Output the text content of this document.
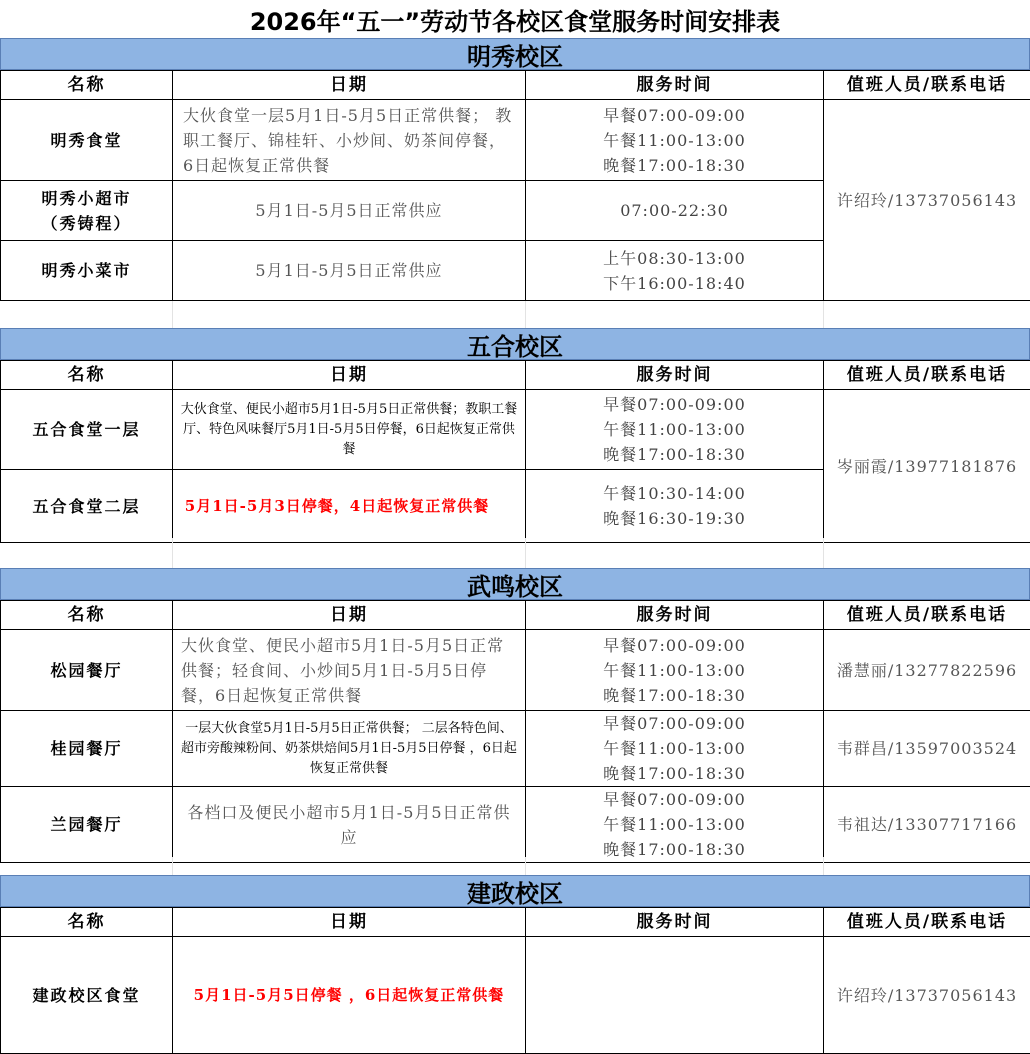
2026年“五一”劳动节各校区食堂服务时间安排表
明秀校区
名称	日期	服务时间	值班人员/联系电话
明秀食堂	大伙食堂一层5月1日-5月5日正常供餐； 教职工餐厅、锦桂轩、小炒间、奶茶间停餐， 6日起恢复正常供餐	早餐07:00-09:00
午餐11:00-13:00
晚餐17:00-18:30	许绍玲/13737056143
明秀小超市（秀铸程）	5月1日-5月5日正常供应	07:00-22:30	

明秀小菜市	5月1日-5月5日正常供应	上午08:30-13:00
下午16:00-18:40	

五合校区
名称	日期	服务时间	值班人员/联系电话
五合食堂一层	大伙食堂、便民小超市5月1日-5月5日正常供餐；教职工餐厅、特色风味餐厅5月1日-5月5日停餐，6日起恢复正常供餐	早餐07:00-09:00
午餐11:00-13:00
晚餐17:00-18:30	岑丽霞/13977181876
五合食堂二层	5月1日-5月3日停餐，4日起恢复正常供餐	午餐10:30-14:00
晚餐16:30-19:30	

武鸣校区
名称	日期	服务时间	值班人员/联系电话
松园餐厅	大伙食堂、便民小超市5月1日-5月5日正常供餐；轻食间、小炒间5月1日-5月5日停餐，6日起恢复正常供餐	早餐07:00-09:00
午餐11:00-13:00
晚餐17:00-18:30	潘慧丽/13277822596
桂园餐厅	一层大伙食堂5月1日-5月5日正常供餐； 二层各特色间、超市旁酸辣粉间、奶茶烘焙间5月1日-5月5日停餐 ，6日起恢复正常供餐	早餐07:00-09:00
午餐11:00-13:00
晚餐17:00-18:30	韦群昌/13597003524
兰园餐厅	各档口及便民小超市5月1日-5月5日正常供应	早餐07:00-09:00
午餐11:00-13:00
晚餐17:00-18:30	韦祖达/13307717166

建政校区
名称	日期	服务时间	值班人员/联系电话
建政校区食堂	5月1日-5月5日停餐 ，6日起恢复正常供餐		许绍玲/13737056143
